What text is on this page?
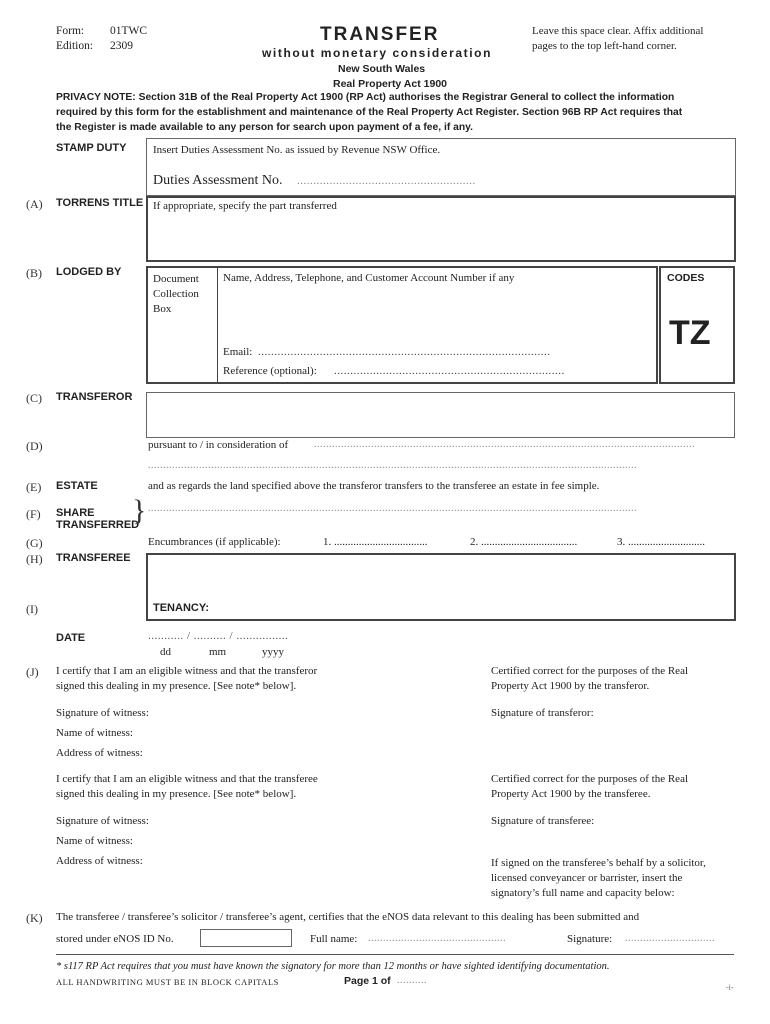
Form: 01TWC
Edition: 2309
TRANSFER
without monetary consideration
New South Wales
Real Property Act 1900
Leave this space clear. Affix additional
pages to the top left-hand corner.
PRIVACY NOTE: Section 31B of the Real Property Act 1900 (RP Act) authorises the Registrar General to collect the information
required by this form for the establishment and maintenance of the Real Property Act Register. Section 96B RP Act requires that
the Register is made available to any person for search upon payment of a fee, if any.
STAMP DUTY Insert Duties Assessment No. as issued by Revenue NSW Office.
Duties Assessment No. .......................................................
(A) TORRENS TITLE If appropriate, specify the part transferred
(B) LODGED BY
Document
Collection
Box
Name, Address, Telephone, and Customer Account Number if any
Email: ..........................................................................................
Reference (optional): .......................................................................
CODES
TZ
(C) TRANSFEROR
(D)	pursuant to / in consideration of	...............................................................................................................................
...................................................................................................................................................................
(E) ESTATE	and as regards the land specified above the transferor transfers to the transferee an estate in fee simple.
(F) SHARE
TRANSFERRED
} ...................................................................................................................................................................
(G)	Encumbrances (if applicable):	1. ..................................	2. ...................................	3. ............................
(H) TRANSFEREE
(I)	TENANCY:
DATE	........... / .......... / ................
dd	mm	yyyy
(J) I certify that I am an eligible witness and that the transferor
signed this dealing in my presence. [See note* below].
Certified correct for the purposes of the Real
Property Act 1900 by the transferor.
Signature of witness:	Signature of transferor:
Name of witness:
Address of witness:
I certify that I am an eligible witness and that the transferee
signed this dealing in my presence. [See note* below].
Certified correct for the purposes of the Real
Property Act 1900 by the transferee.
Signature of witness:	Signature of transferee:
Name of witness:
Address of witness:	If signed on the transferee’s behalf by a solicitor,
licensed conveyancer or barrister, insert the
signatory’s full name and capacity below:
(K) The transferee / transferee’s solicitor / transferee’s agent, certifies that the eNOS data relevant to this dealing has been submitted and
stored under eNOS ID No.	Full name: ..............................................	Signature: ..............................
* s117 RP Act requires that you must have known the signatory for more than 12 months or have sighted identifying documentation.
ALL HANDWRITING MUST BE IN BLOCK CAPITALS	Page 1 of ..........
-i-
